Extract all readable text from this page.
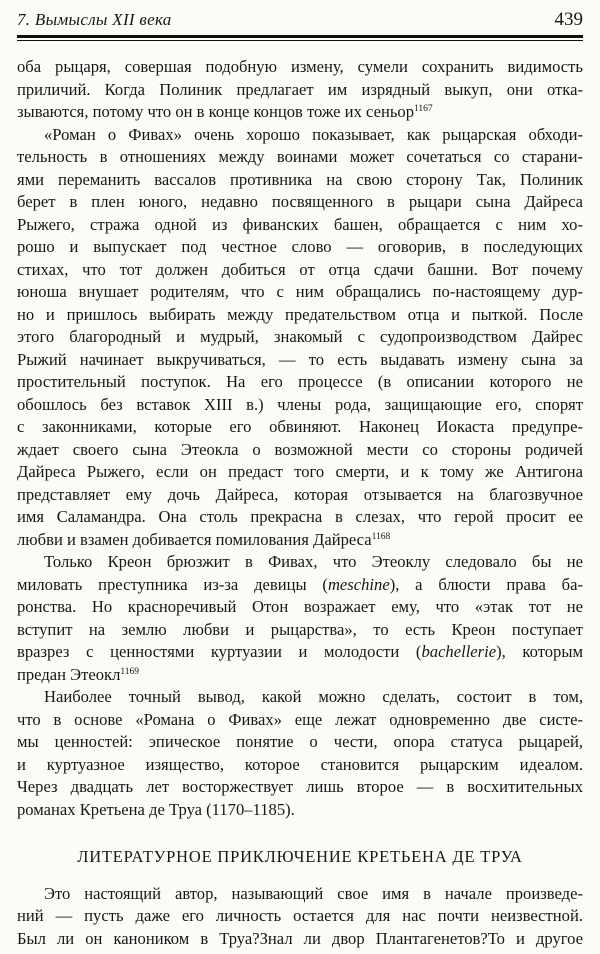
7. Вымыслы XII века	439
оба рыцаря, совершая подобную измену, сумели сохранить видимость
приличий. Когда Полиник предлагает им изрядный выкуп, они отка-
зываются, потому что он в конце концов тоже их сеньор$^{1167}$
«Роман о Фивах» очень хорошо показывает, как рыцарская обходи-
тельность в отношениях между воинами может сочетаться со старани-
ями переманить вассалов противника на свою сторону Так, Полиник
берет в плен юного, недавно посвященного в рыцари сына Дайреса
Рыжего, стража одной из фиванских башен, обращается с ним хо-
рошо и выпускает под честное слово — оговорив, в последующих
стихах, что тот должен добиться от отца сдачи башни. Вот почему
юноша внушает родителям, что с ним обращались по-настоящему дур-
но и пришлось выбирать между предательством отца и пыткой. После
этого благородный и мудрый, знакомый с судопроизводством Дайрес
Рыжий начинает выкручиваться, — то есть выдавать измену сына за
простительный поступок. На его процессе (в описании которого не
обошлось без вставок XIII в.) члены рода, защищающие его, спорят
с законниками, которые его обвиняют. Наконец Иокаста предупре-
ждает своего сына Этеокла о возможной мести со стороны родичей
Дайреса Рыжего, если он предаст того смерти, и к тому же Антигона
представляет ему дочь Дайреса, которая отзывается на благозвучное
имя Саламандра. Она столь прекрасна в слезах, что герой просит ее
любви и взамен добивается помилования Дайреса$^{1168}$
Только Креон брюзжит в Фивах, что Этеоклу следовало бы не
миловать преступника из-за девицы (meschine), а блюсти права ба-
ронства. Но красноречивый Отон возражает ему, что «этак тот не
вступит на землю любви и рыцарства», то есть Креон поступает
вразрез с ценностями куртуазии и молодости (bachellerie), которым
предан Этеокл$^{1169}$
Наиболее точный вывод, какой можно сделать, состоит в том,
что в основе «Романа о Фивах» еще лежат одновременно две систе-
мы ценностей: эпическое понятие о чести, опора статуса рыцарей,
и куртуазное изящество, которое становится рыцарским идеалом.
Через двадцать лет восторжествует лишь второе — в восхитительных
романах Кретьена де Труа (1170–1185).
ЛИТЕРАТУРНОЕ ПРИКЛЮЧЕНИЕ КРЕТЬЕНА ДЕ ТРУА
Это настоящий автор, называющий свое имя в начале произведе-
ний — пусть даже его личность остается для нас почти неизвестной.
Был ли он каноником в Труа?Знал ли двор Плантагенетов?То и другое
